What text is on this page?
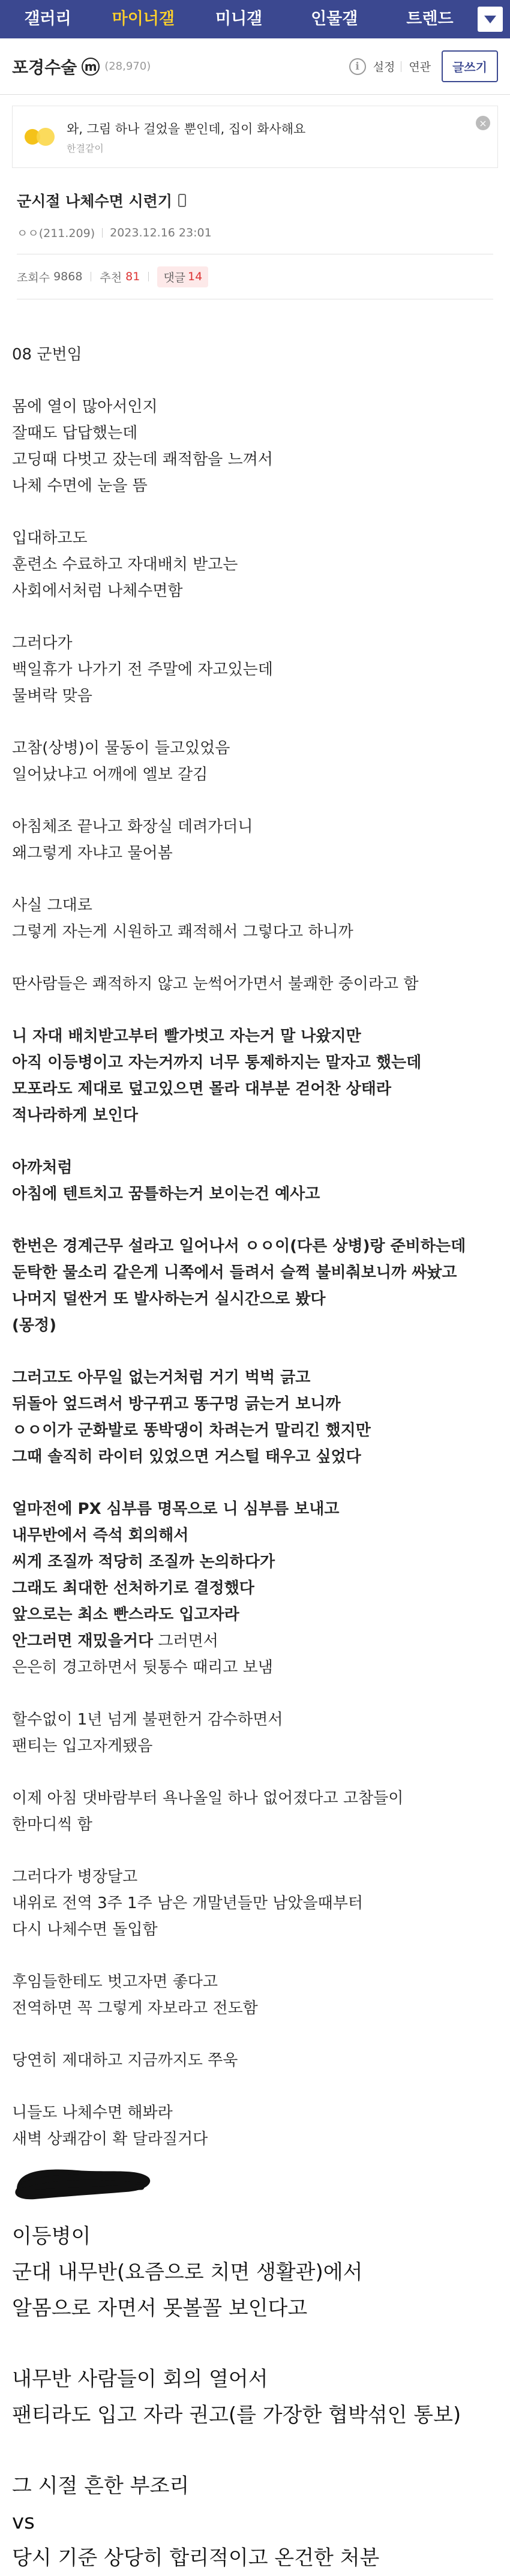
갤러리	마이너갤	미니갤	인물갤	트렌드
포경수술 m (28,970)	i	설정 연관	글쓰기
와, 그림 하나 걸었을 뿐인데, 집이 화사해요
한결같이
×
군시절 나체수면 시련기
ㅇㅇ(211.209) 2023.12.16 23:01
조회수 9868 추천 81 댓글 14
08 군번임
몸에 열이 많아서인지
잘때도 답답했는데
고딩때 다벗고 잤는데 쾌적함을 느껴서
나체 수면에 눈을 뜸
입대하고도
훈련소 수료하고 자대배치 받고는
사회에서처럼 나체수면함
그러다가
백일휴가 나가기 전 주말에 자고있는데
물벼락 맞음
고참(상병)이 물동이 들고있었음
일어났냐고 어깨에 엘보 갈김
아침체조 끝나고 화장실 데려가더니
왜그렇게 자냐고 물어봄
사실 그대로
그렇게 자는게 시원하고 쾌적해서 그렇다고 하니까
딴사람들은 쾌적하지 않고 눈썩어가면서 불쾌한 중이라고 함
니 자대 배치받고부터 빨가벗고 자는거 말 나왔지만
아직 이등병이고 자는거까지 너무 통제하지는 말자고 했는데
모포라도 제대로 덮고있으면 몰라 대부분 걷어찬 상태라
적나라하게 보인다
아까처럼
아침에 텐트치고 꿈틀하는거 보이는건 예사고
한번은 경계근무 설라고 일어나서 ㅇㅇ이(다른 상병)랑 준비하는데
둔탁한 물소리 같은게 니쪽에서 들려서 슬쩍 불비춰보니까 싸놨고
나머지 덜싼거 또 발사하는거 실시간으로 봤다
(몽정)
그러고도 아무일 없는거처럼 거기 벅벅 긁고
뒤돌아 엎드려서 방구뀌고 똥구멍 긁는거 보니까
ㅇㅇ이가 군화발로 똥박댕이 차려는거 말리긴 했지만
그때 솔직히 라이터 있었으면 거스털 태우고 싶었다
얼마전에 PX 심부름 명목으로 니 심부름 보내고
내무반에서 즉석 회의해서
씨게 조질까 적당히 조질까 논의하다가
그래도 최대한 선처하기로 결정했다
앞으로는 최소 빤스라도 입고자라
안그러면 재밌을거다 그러면서
은은히 경고하면서 뒷통수 때리고 보냄
할수없이 1년 넘게 불편한거 감수하면서
팬티는 입고자게됐음
이제 아침 댓바람부터 욕나올일 하나 없어졌다고 고참들이
한마디씩 함
그러다가 병장달고
내위로 전역 3주 1주 남은 개말년들만 남았을때부터
다시 나체수면 돌입함
후임들한테도 벗고자면 좋다고
전역하면 꼭 그렇게 자보라고 전도함
당연히 제대하고 지금까지도 쭈욱
니들도 나체수면 해봐라
새벽 상쾌감이 확 달라질거다
이등병이
군대 내무반(요즘으로 치면 생활관)에서
알몸으로 자면서 못볼꼴 보인다고
내무반 사람들이 회의 열어서
팬티라도 입고 자라 권고(를 가장한 협박섞인 통보)
그 시절 흔한 부조리
vs
당시 기준 상당히 합리적이고 온건한 처분
